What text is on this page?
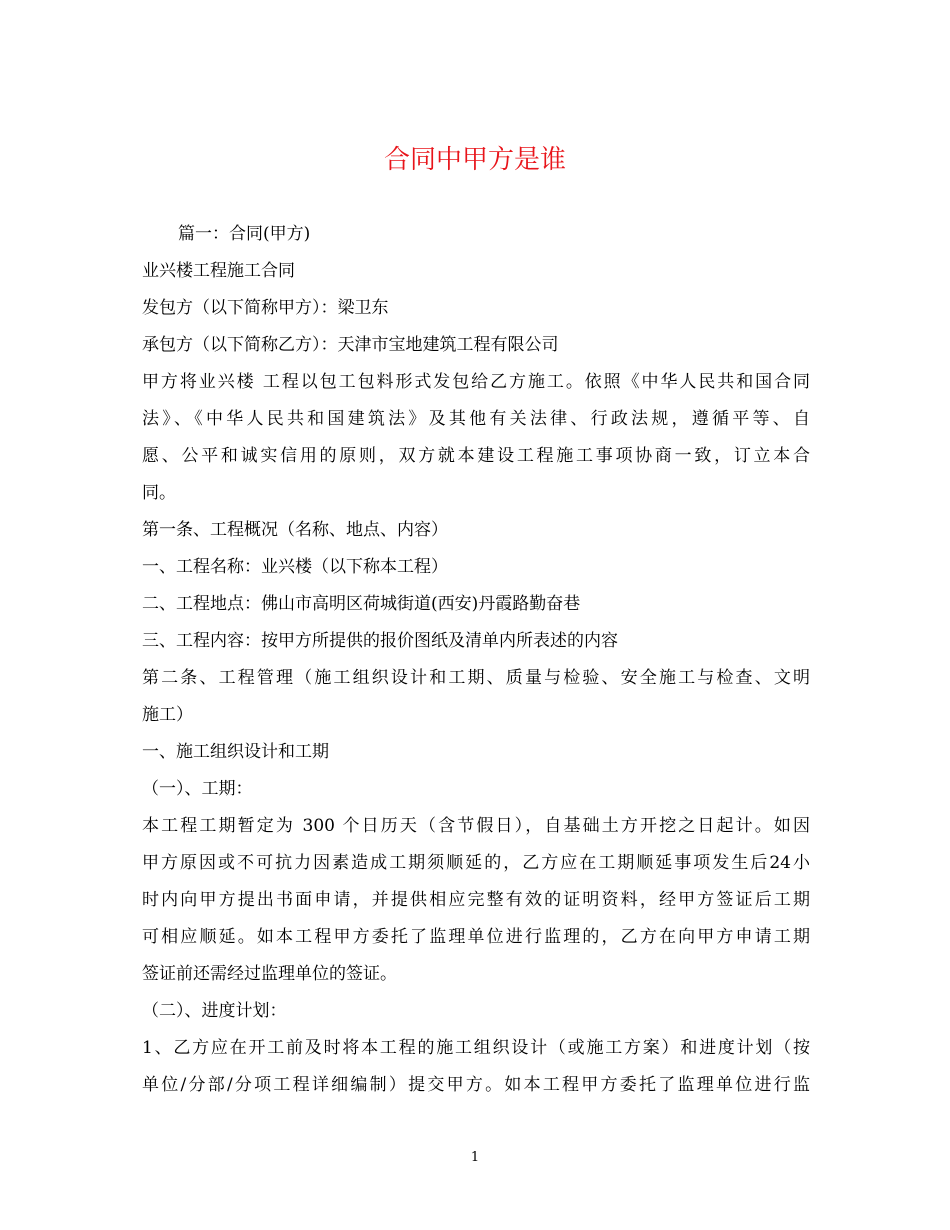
合同中甲方是谁
篇一：合同(甲方)
业兴楼工程施工合同
发包方（以下简称甲方）：梁卫东
承包方（以下简称乙方）：天津市宝地建筑工程有限公司
甲方将业兴楼 工程以包工包料形式发包给乙方施工。依照《中华人民共和国合同
法》、《中华人民共和国建筑法》及其他有关法律、行政法规，遵循平等、自
愿、公平和诚实信用的原则，双方就本建设工程施工事项协商一致，订立本合
同。
第一条、工程概况（名称、地点、内容）
一、工程名称：业兴楼（以下称本工程）
二、工程地点：佛山市高明区荷城街道(西安)丹霞路勤奋巷
三、工程内容：按甲方所提供的报价图纸及清单内所表述的内容
第二条、工程管理（施工组织设计和工期、质量与检验、安全施工与检查、文明
施工）
一、施工组织设计和工期
（一）、工期：
本工程工期暂定为 300 个日历天（含节假日），自基础土方开挖之日起计。如因
甲方原因或不可抗力因素造成工期须顺延的，乙方应在工期顺延事项发生后24小
时内向甲方提出书面申请，并提供相应完整有效的证明资料，经甲方签证后工期
可相应顺延。如本工程甲方委托了监理单位进行监理的，乙方在向甲方申请工期
签证前还需经过监理单位的签证。
（二）、进度计划：
1、乙方应在开工前及时将本工程的施工组织设计（或施工方案）和进度计划（按
单位/分部/分项工程详细编制）提交甲方。如本工程甲方委托了监理单位进行监
1
